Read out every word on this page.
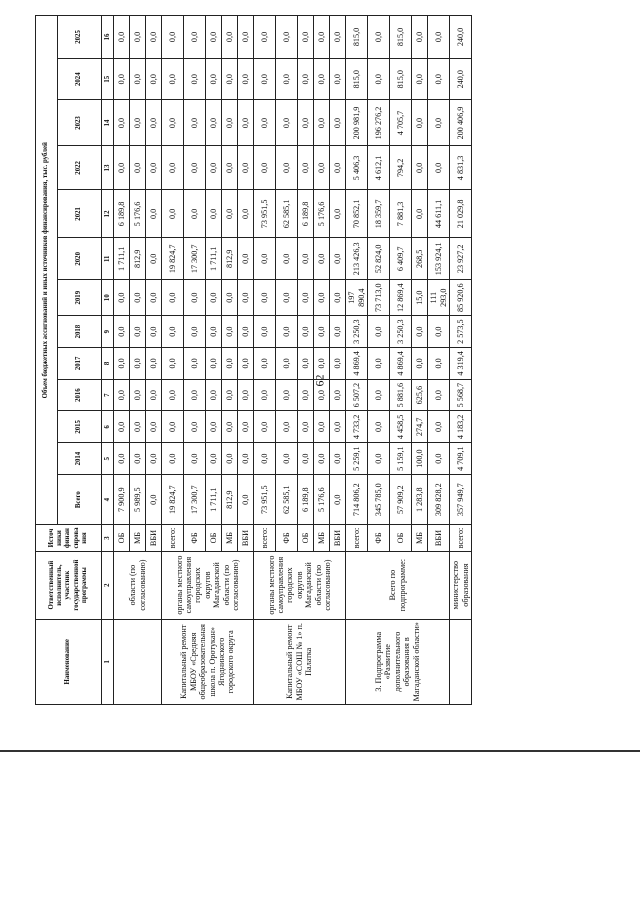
62
Наименование	Ответственный исполнитель, участник государственной программы	Источники финансирования	Объем бюджетных ассигнований и иных источников финансирования, тыс. рублей												
			Всего	2014	2015	2016	2017	2018	2019	2020	2021	2022	2023	2024	2025

1	2	3	4	5	6	7	8	9	10	11	12	13	14	15	16
	области (по согласованию)	ОБ	7 900,9	0,0	0,0	0,0	0,0	0,0	0,0	1 711,1	6 189,8	0,0	0,0	0,0	0,0
		МБ	5 989,5	0,0	0,0	0,0	0,0	0,0	0,0	812,9	5 176,6	0,0	0,0	0,0	0,0
		ВБИ	0,0	0,0	0,0	0,0	0,0	0,0	0,0	0,0	0,0	0,0	0,0	0,0	0,0
Капитальный ремонт МБОУ «Средняя общеобразовательная школа п. Оротукан» Ягоднинского городского округа	органы местного самоуправления городских округов Магаданской области (по согласованию)	всего:	19 824,7	0,0	0,0	0,0	0,0	0,0	0,0	19 824,7	0,0	0,0	0,0	0,0	0,0
		ФБ	17 300,7	0,0	0,0	0,0	0,0	0,0	0,0	17 300,7	0,0	0,0	0,0	0,0	0,0
		ОБ	1 711,1	0,0	0,0	0,0	0,0	0,0	0,0	1 711,1	0,0	0,0	0,0	0,0	0,0
		МБ	812,9	0,0	0,0	0,0	0,0	0,0	0,0	812,9	0,0	0,0	0,0	0,0	0,0
		ВБИ	0,0	0,0	0,0	0,0	0,0	0,0	0,0	0,0	0,0	0,0	0,0	0,0	0,0
Капитальный ремонт МБОУ «СОШ № 1» п. Палатка	органы местного самоуправления городских округов Магаданской области (по согласованию)	всего:	73 951,5	0,0	0,0	0,0	0,0	0,0	0,0	0,0	73 951,5	0,0	0,0	0,0	0,0
		ФБ	62 585,1	0,0	0,0	0,0	0,0	0,0	0,0	0,0	62 585,1	0,0	0,0	0,0	0,0
		ОБ	6 189,8	0,0	0,0	0,0	0,0	0,0	0,0	0,0	6 189,8	0,0	0,0	0,0	0,0
		МБ	5 176,6	0,0	0,0	0,0	0,0	0,0	0,0	0,0	5 176,6	0,0	0,0	0,0	0,0
		ВБИ	0,0	0,0	0,0	0,0	0,0	0,0	0,0	0,0	0,0	0,0	0,0	0,0	0,0
3. Подпрограмма «Развитие дополнительного образования в Магаданской области»	Всего по подпрограмме:	всего:	714 806,2	5 259,1	4 733,2	6 507,2	4 869,4	3 250,3	197 890,4	213 426,3	70 852,1	5 406,3	200 981,9	815,0	815,0
		ФБ	345 785,0	0,0	0,0	0,0	0,0	0,0	73 713,0	52 824,0	18 359,7	4 612,1	196 276,2	0,0	0,0
		ОБ	57 909,2	5 159,1	4 458,5	5 881,6	4 869,4	3 250,3	12 869,4	6 409,7	7 881,3	794,2	4 705,7	815,0	815,0
		МБ	1 283,8	100,0	274,7	625,6	0,0	0,0	15,0	268,5	0,0	0,0	0,0	0,0	0,0
		ВБИ	309 828,2	0,0	0,0	0,0	0,0	0,0	111 293,0	153 924,1	44 611,1	0,0	0,0	0,0	0,0
	министерство образования	всего:	357 949,7	4 709,1	4 183,2	5 568,7	4 319,4	2 573,5	85 920,6	23 927,2	21 029,8	4 831,3	200 406,9	240,0	240,0
